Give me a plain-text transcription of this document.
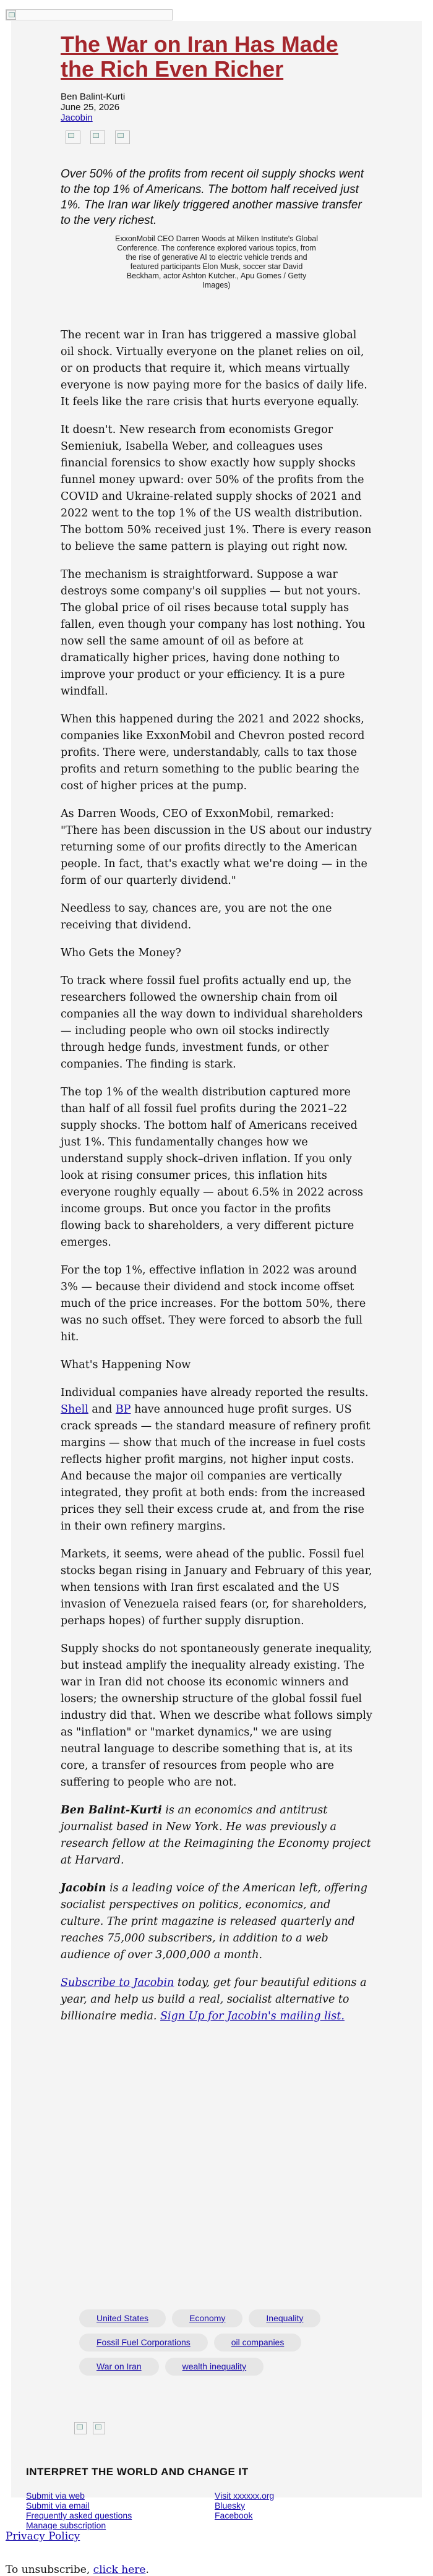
The War on Iran Has Made the Rich Even Richer
Ben Balint-Kurti
June 25, 2026
Jacobin

Over 50% of the profits from recent oil supply shocks went to the top 1% of Americans. The bottom half received just 1%. The Iran war likely triggered another massive transfer to the very richest.

ExxonMobil CEO Darren Woods at Milken Institute's Global Conference. The conference explored various topics, from the rise of generative AI to electric vehicle trends and featured participants Elon Musk, soccer star David Beckham, actor Ashton Kutcher., Apu Gomes / Getty Images)

The recent war in Iran has triggered a massive global oil shock. Virtually everyone on the planet relies on oil, or on products that require it, which means virtually everyone is now paying more for the basics of daily life. It feels like the rare crisis that hurts everyone equally.

It doesn't. New research from economists Gregor Semieniuk, Isabella Weber, and colleagues uses financial forensics to show exactly how supply shocks funnel money upward: over 50% of the profits from the COVID and Ukraine-related supply shocks of 2021 and 2022 went to the top 1% of the US wealth distribution. The bottom 50% received just 1%. There is every reason to believe the same pattern is playing out right now.

The mechanism is straightforward. Suppose a war destroys some company's oil supplies — but not yours. The global price of oil rises because total supply has fallen, even though your company has lost nothing. You now sell the same amount of oil as before at dramatically higher prices, having done nothing to improve your product or your efficiency. It is a pure windfall.

When this happened during the 2021 and 2022 shocks, companies like ExxonMobil and Chevron posted record profits. There were, understandably, calls to tax those profits and return something to the public bearing the cost of higher prices at the pump.

As Darren Woods, CEO of ExxonMobil, remarked: "There has been discussion in the US about our industry returning some of our profits directly to the American people. In fact, that's exactly what we're doing — in the form of our quarterly dividend."

Needless to say, chances are, you are not the one receiving that dividend.

Who Gets the Money?

To track where fossil fuel profits actually end up, the researchers followed the ownership chain from oil companies all the way down to individual shareholders — including people who own oil stocks indirectly through hedge funds, investment funds, or other companies. The finding is stark.

The top 1% of the wealth distribution captured more than half of all fossil fuel profits during the 2021–22 supply shocks. The bottom half of Americans received just 1%. This fundamentally changes how we understand supply shock–driven inflation. If you only look at rising consumer prices, this inflation hits everyone roughly equally — about 6.5% in 2022 across income groups. But once you factor in the profits flowing back to shareholders, a very different picture emerges.

For the top 1%, effective inflation in 2022 was around 3% — because their dividend and stock income offset much of the price increases. For the bottom 50%, there was no such offset. They were forced to absorb the full hit.

What's Happening Now

Individual companies have already reported the results. Shell and BP have announced huge profit surges. US crack spreads — the standard measure of refinery profit margins — show that much of the increase in fuel costs reflects higher profit margins, not higher input costs. And because the major oil companies are vertically integrated, they profit at both ends: from the increased prices they sell their excess crude at, and from the rise in their own refinery margins.

Markets, it seems, were ahead of the public. Fossil fuel stocks began rising in January and February of this year, when tensions with Iran first escalated and the US invasion of Venezuela raised fears (or, for shareholders, perhaps hopes) of further supply disruption.

Supply shocks do not spontaneously generate inequality, but instead amplify the inequality already existing. The war in Iran did not choose its economic winners and losers; the ownership structure of the global fossil fuel industry did that. When we describe what follows simply as "inflation" or "market dynamics," we are using neutral language to describe something that is, at its core, a transfer of resources from people who are suffering to people who are not.

Ben Balint-Kurti is an economics and antitrust journalist based in New York. He was previously a research fellow at the Reimagining the Economy project at Harvard.

Jacobin is a leading voice of the American left, offering socialist perspectives on politics, economics, and culture. The print magazine is released quarterly and reaches 75,000 subscribers, in addition to a web audience of over 3,000,000 a month.

Subscribe to Jacobin today, get four beautiful editions a year, and help us build a real, socialist alternative to billionaire media. Sign Up for Jacobin's mailing list.

United States	Economy	Inequality
Fossil Fuel Corporations	oil companies
War on Iran	wealth inequality
INTERPRET THE WORLD AND CHANGE IT
Submit via web
Submit via email
Frequently asked questions
Manage subscription
Visit xxxxxx.org
Bluesky
Facebook
Privacy Policy
To unsubscribe, click here.
